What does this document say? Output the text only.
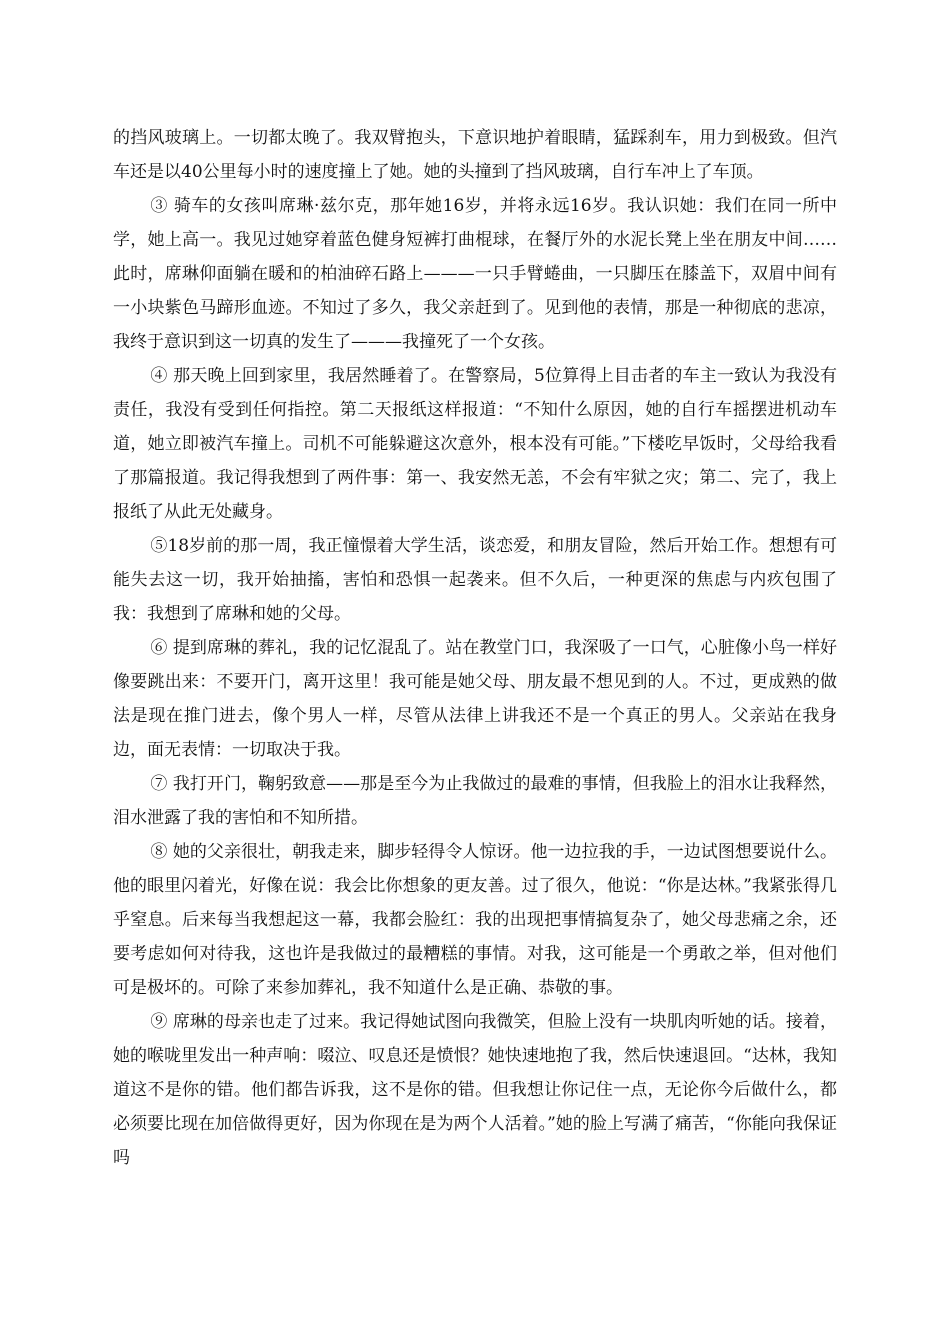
的挡风玻璃上。一切都太晚了。我双臂抱头，下意识地护着眼睛，猛踩刹车，用力到极致。但汽车还是以40公里每小时的速度撞上了她。她的头撞到了挡风玻璃，自行车冲上了车顶。

③ 骑车的女孩叫席琳·兹尔克，那年她16岁，并将永远16岁。我认识她：我们在同一所中学，她上高一。我见过她穿着蓝色健身短裤打曲棍球，在餐厅外的水泥长凳上坐在朋友中间……此时，席琳仰面躺在暖和的柏油碎石路上———一只手臂蜷曲，一只脚压在膝盖下，双眉中间有一小块紫色马蹄形血迹。不知过了多久，我父亲赶到了。见到他的表情，那是一种彻底的悲凉，我终于意识到这一切真的发生了———我撞死了一个女孩。

④ 那天晚上回到家里，我居然睡着了。在警察局，5位算得上目击者的车主一致认为我没有责任，我没有受到任何指控。第二天报纸这样报道：“不知什么原因，她的自行车摇摆进机动车道，她立即被汽车撞上。司机不可能躲避这次意外，根本没有可能。”下楼吃早饭时，父母给我看了那篇报道。我记得我想到了两件事：第一、我安然无恙，不会有牢狱之灾；第二、完了，我上报纸了从此无处藏身。

⑤18岁前的那一周，我正憧憬着大学生活，谈恋爱，和朋友冒险，然后开始工作。想想有可能失去这一切，我开始抽搐，害怕和恐惧一起袭来。但不久后，一种更深的焦虑与内疚包围了我：我想到了席琳和她的父母。

⑥ 提到席琳的葬礼，我的记忆混乱了。站在教堂门口，我深吸了一口气，心脏像小鸟一样好像要跳出来：不要开门，离开这里！我可能是她父母、朋友最不想见到的人。不过，更成熟的做法是现在推门进去，像个男人一样，尽管从法律上讲我还不是一个真正的男人。父亲站在我身边，面无表情：一切取决于我。

⑦ 我打开门，鞠躬致意——那是至今为止我做过的最难的事情，但我脸上的泪水让我释然，泪水泄露了我的害怕和不知所措。

⑧ 她的父亲很壮，朝我走来，脚步轻得令人惊讶。他一边拉我的手，一边试图想要说什么。他的眼里闪着光，好像在说：我会比你想象的更友善。过了很久，他说：“你是达林。”我紧张得几乎窒息。后来每当我想起这一幕，我都会脸红：我的出现把事情搞复杂了，她父母悲痛之余，还要考虑如何对待我，这也许是我做过的最糟糕的事情。对我，这可能是一个勇敢之举，但对他们可是极坏的。可除了来参加葬礼，我不知道什么是正确、恭敬的事。

⑨ 席琳的母亲也走了过来。我记得她试图向我微笑，但脸上没有一块肌肉听她的话。接着，她的喉咙里发出一种声响：啜泣、叹息还是愤恨？她快速地抱了我，然后快速退回。“达林，我知道这不是你的错。他们都告诉我，这不是你的错。但我想让你记住一点，无论你今后做什么，都必须要比现在加倍做得更好，因为你现在是为两个人活着。”她的脸上写满了痛苦，“你能向我保证吗
